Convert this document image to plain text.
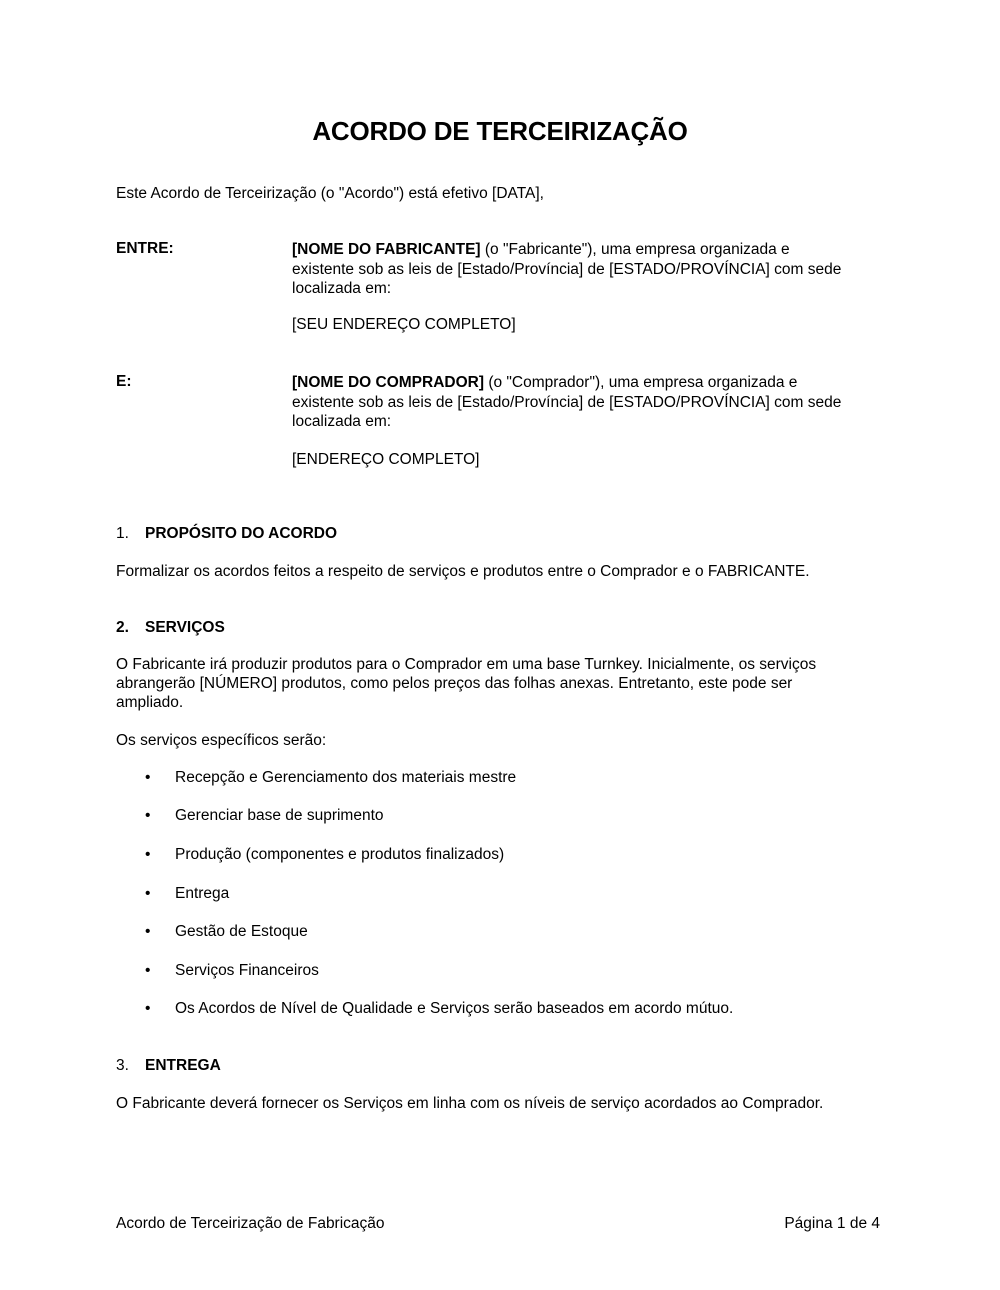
ACORDO DE TERCEIRIZAÇÃO
Este Acordo de Terceirização (o "Acordo") está efetivo [DATA],
ENTRE:	[NOME DO FABRICANTE] (o "Fabricante"), uma empresa organizada e
existente sob as leis de [Estado/Província] de [ESTADO/PROVÍNCIA] com sede
localizada em:
[SEU ENDEREÇO COMPLETO]
E:	[NOME DO COMPRADOR] (o "Comprador"), uma empresa organizada e
existente sob as leis de [Estado/Província] de [ESTADO/PROVÍNCIA] com sede
localizada em:
[ENDEREÇO COMPLETO]
1. PROPÓSITO DO ACORDO
Formalizar os acordos feitos a respeito de serviços e produtos entre o Comprador e o FABRICANTE.
2. SERVIÇOS
O Fabricante irá produzir produtos para o Comprador em uma base Turnkey. Inicialmente, os serviços
abrangerão [NÚMERO] produtos, como pelos preços das folhas anexas. Entretanto, este pode ser
ampliado.
Os serviços específicos serão:
• Recepção e Gerenciamento dos materiais mestre
• Gerenciar base de suprimento
• Produção (componentes e produtos finalizados)
• Entrega
• Gestão de Estoque
• Serviços Financeiros
• Os Acordos de Nível de Qualidade e Serviços serão baseados em acordo mútuo.
3. ENTREGA
O Fabricante deverá fornecer os Serviços em linha com os níveis de serviço acordados ao Comprador.
Acordo de Terceirização de Fabricação	Página 1 de 4
